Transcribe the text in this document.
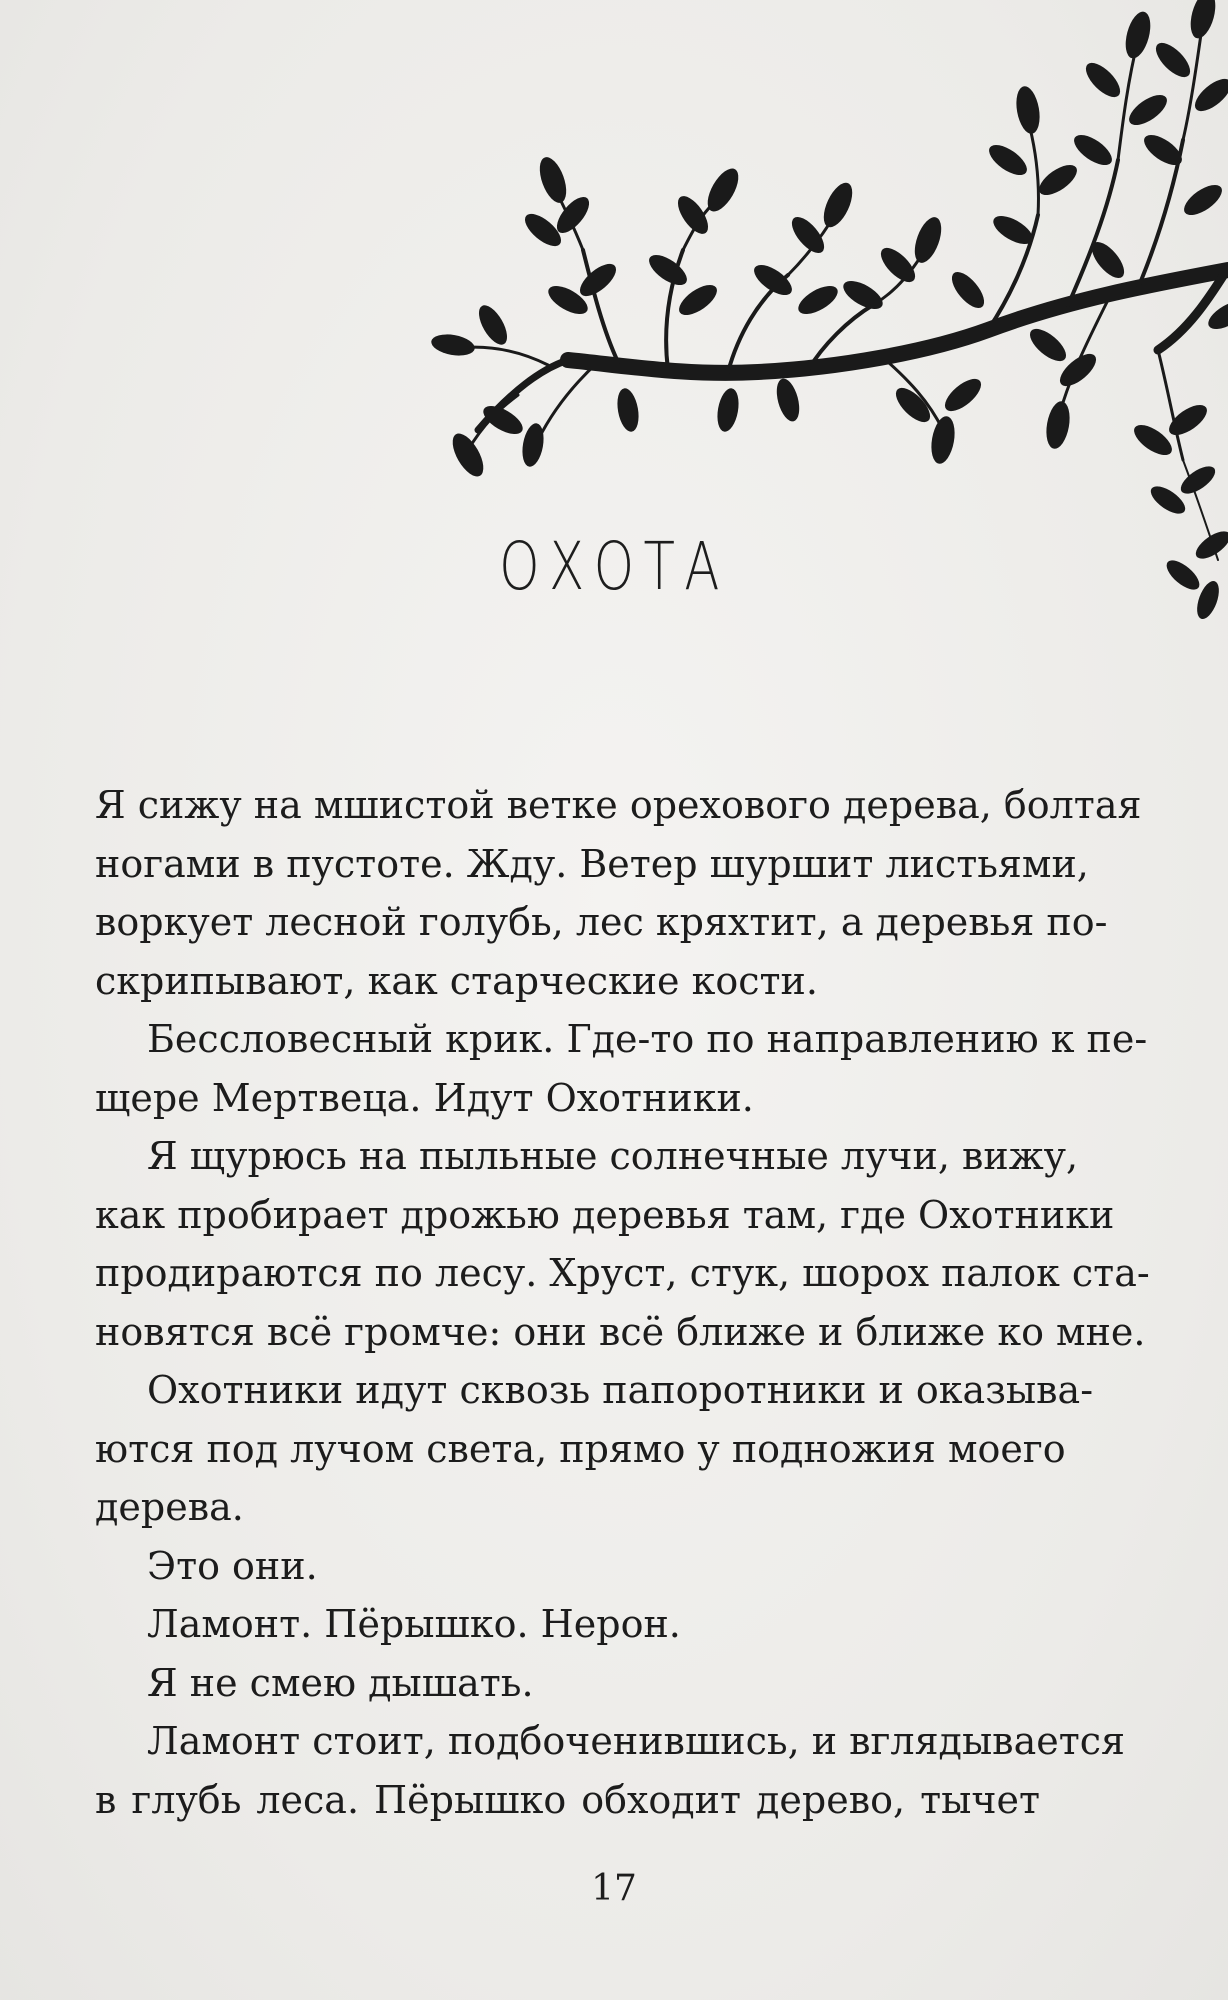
ОХОТА
Я сижу на мшистой ветке орехового дерева, болтая
ногами в пустоте. Жду. Ветер шуршит листьями,
воркует лесной голубь, лес кряхтит, а деревья по-
скрипывают, как старческие кости.
Бессловесный крик. Где-то по направлению к пе-
щере Мертвеца. Идут Охотники.
Я щурюсь на пыльные солнечные лучи, вижу,
как пробирает дрожью деревья там, где Охотники
продираются по лесу. Хруст, стук, шорох палок ста-
новятся всё громче: они всё ближе и ближе ко мне.
Охотники идут сквозь папоротники и оказыва-
ются под лучом света, прямо у подножия моего
дерева.
Это они.
Ламонт. Пёрышко. Нерон.
Я не смею дышать.
Ламонт стоит, подбоченившись, и вглядывается
в глубь леса. Пёрышко обходит дерево, тычет
17
